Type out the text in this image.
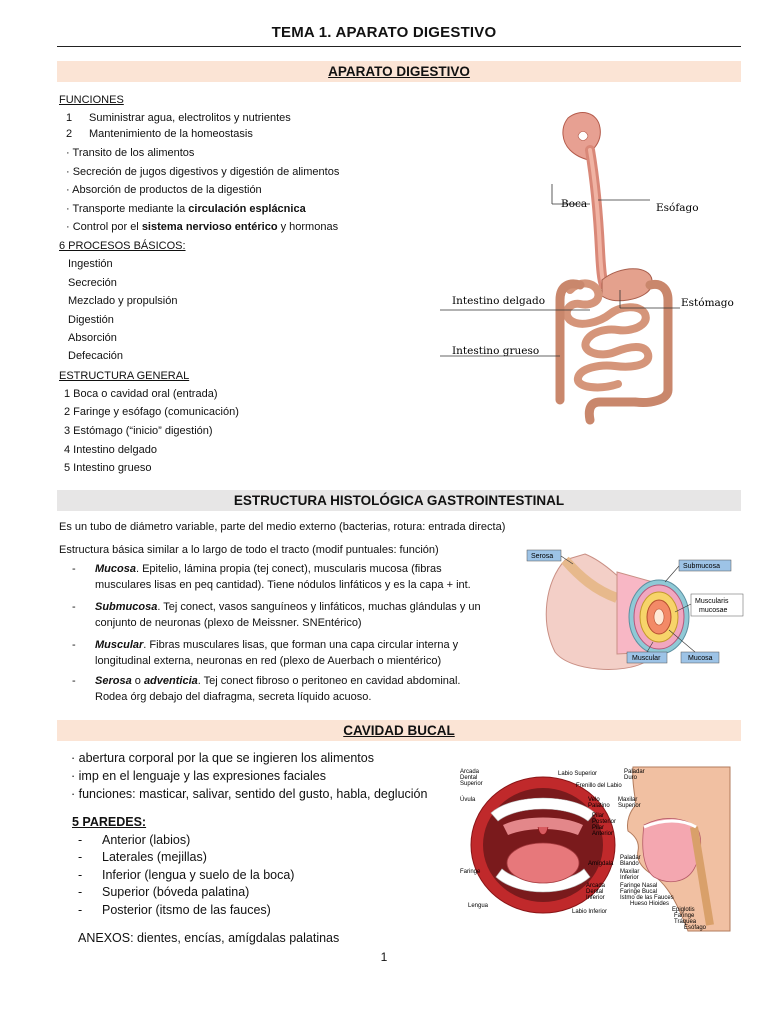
TEMA 1. APARATO DIGESTIVO
APARATO DIGESTIVO
FUNCIONES
1 Suministrar agua, electrolitos y nutrientes
2 Mantenimiento de la homeostasis
· Transito de los alimentos
· Secreción de jugos digestivos y digestión de alimentos
· Absorción de productos de la digestión
· Transporte mediante la circulación esplácnica
· Control por el sistema nervioso entérico y hormonas
6 PROCESOS BÁSICOS:
Ingestión
Secreción
Mezclado y propulsión
Digestión
Absorción
Defecación
ESTRUCTURA GENERAL
1 Boca o cavidad oral (entrada)
2 Faringe y esófago (comunicación)
3 Estómago (“inicio” digestión)
4 Intestino delgado
5 Intestino grueso
Boca	Esófago
Intestino delgado	Estómago
Intestino grueso
ESTRUCTURA HISTOLÓGICA GASTROINTESTINAL
Es un tubo de diámetro variable, parte del medio externo (bacterias, rotura: entrada directa)
Estructura básica similar a lo largo de todo el tracto (modif puntuales: función)
- Mucosa. Epitelio, lámina propia (tej conect), muscularis mucosa (fibras
musculares lisas en peq cantidad). Tiene nódulos linfáticos y es la capa + int.
- Submucosa. Tej conect, vasos sanguíneos y linfáticos, muchas glándulas y un
conjunto de neuronas (plexo de Meissner. SNEntérico)
- Muscular. Fibras musculares lisas, que forman una capa circular interna y
longitudinal externa, neuronas en red (plexo de Auerbach o mientérico)
- Serosa o adventicia. Tej conect fibroso o peritoneo en cavidad abdominal.
Rodea órg debajo del diafragma, secreta líquido acuoso.
Serosa
Submucosa
Muscularis
mucosae
Muscular	Mucosa
CAVIDAD BUCAL
· abertura corporal por la que se ingieren los alimentos
· imp en el lenguaje y las expresiones faciales
· funciones: masticar, salivar, sentido del gusto, habla, deglución
5 PAREDES:
- Anterior (labios)
- Laterales (mejillas)
- Inferior (lengua y suelo de la boca)
- Superior (bóveda palatina)
- Posterior (itsmo de las fauces)
ANEXOS: dientes, encías, amígdalas palatinas
Arcada
Dental
Superior
Úvula
Faringe
Lengua
Labio Superior
Frenillo del Labio
Velo
Palatino
Pilar
Posterior
Pilar
Anterior
Amígdala
Arcada
Dental
Inferior
Labio Inferior
Paladar
Duro
Maxilar
Superior
Paladar
Blando
Maxilar
Inferior
Faringe Nasal
Faringe Bucal
Istmo de las Fauces
Hueso Hioides
Epiglotis
Faringe
Tráquea
Esófago
1
